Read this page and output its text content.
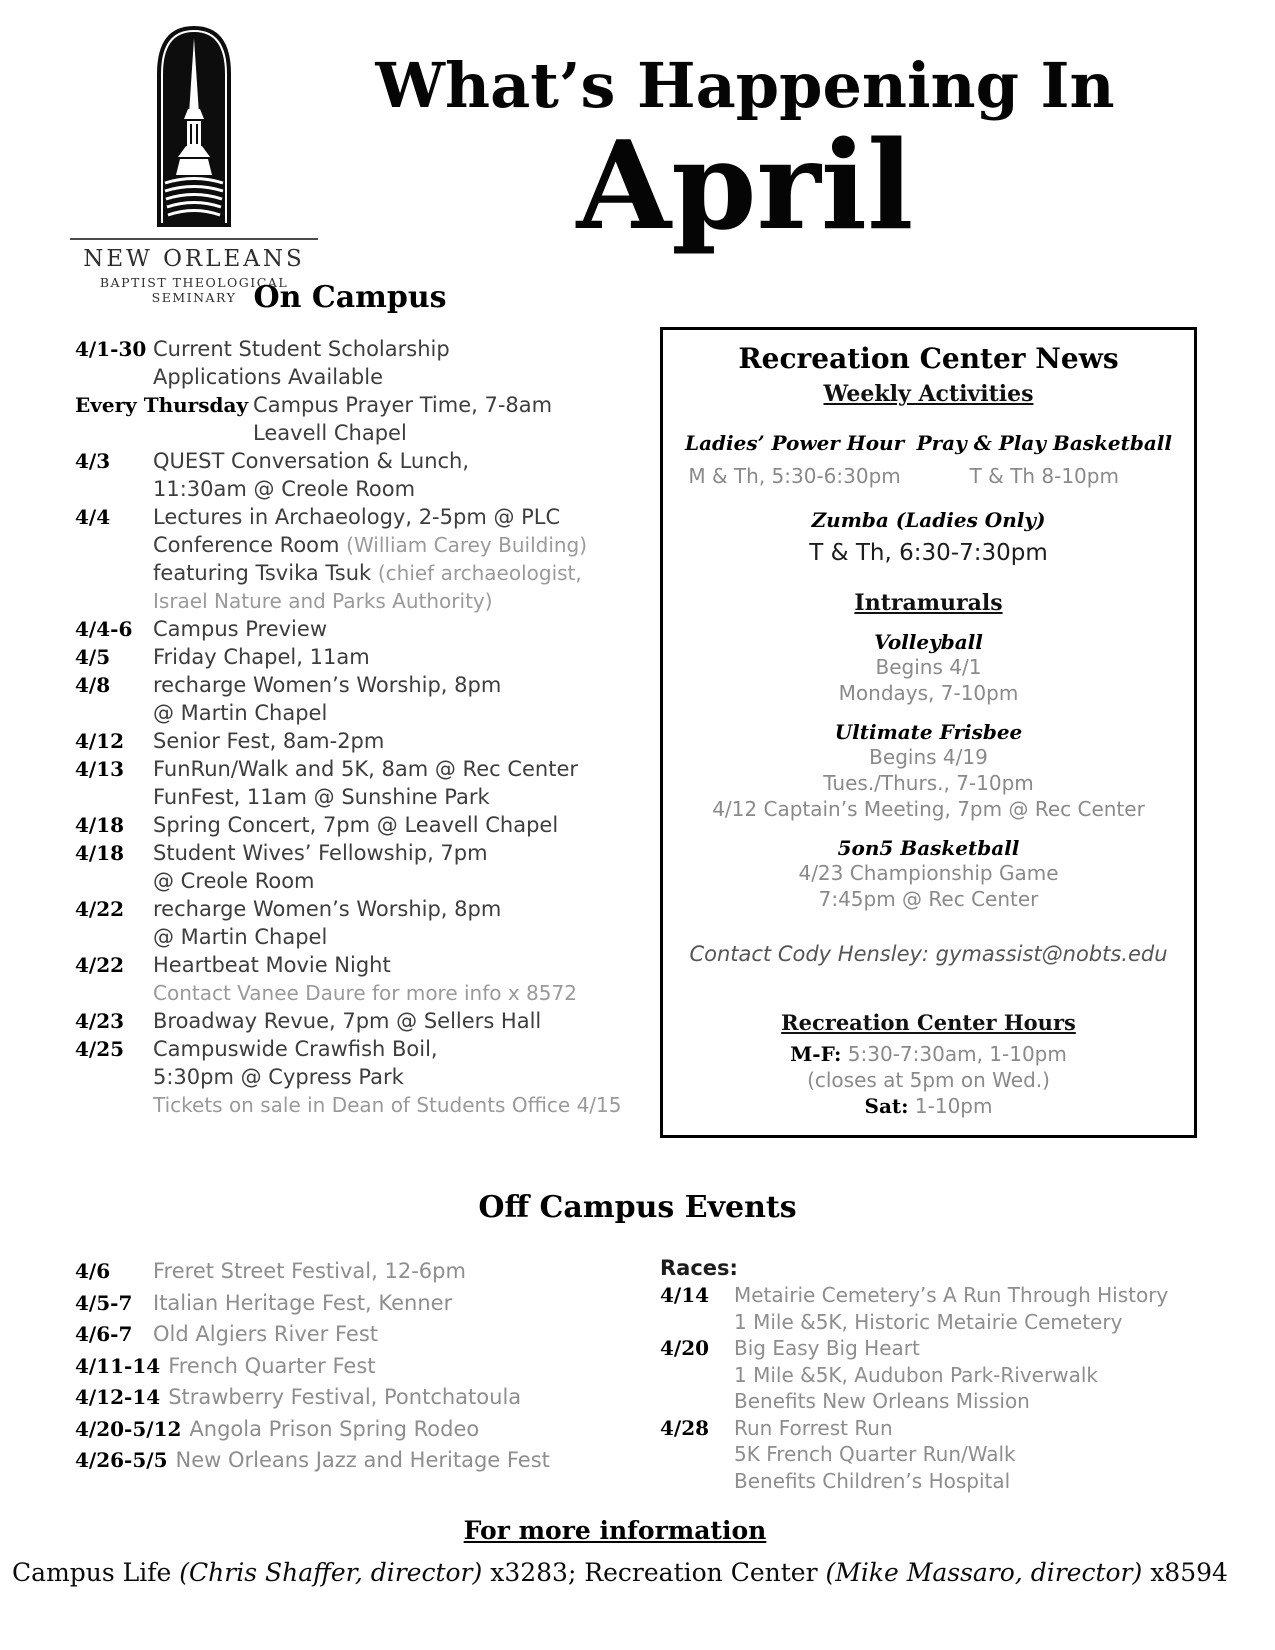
NEW ORLEANS
BAPTIST THEOLOGICAL SEMINARY
What’s Happening In
April
On Campus
4/1-30 Current Student Scholarship
Applications Available
Every Thursday Campus Prayer Time, 7-8am
Leavell Chapel
4/3	QUEST Conversation & Lunch,
11:30am @ Creole Room
4/4	Lectures in Archaeology, 2-5pm @ PLC
Conference Room (William Carey Building)
featuring Tsvika Tsuk (chief archaeologist,
Israel Nature and Parks Authority)
4/4-6 Campus Preview
4/5	Friday Chapel, 11am
4/8	recharge Women’s Worship, 8pm
@ Martin Chapel
4/12	Senior Fest, 8am-2pm
4/13	FunRun/Walk and 5K, 8am @ Rec Center
FunFest, 11am @ Sunshine Park
4/18	Spring Concert, 7pm @ Leavell Chapel
4/18	Student Wives’ Fellowship, 7pm
@ Creole Room
4/22	recharge Women’s Worship, 8pm
@ Martin Chapel
4/22	Heartbeat Movie Night
Contact Vanee Daure for more info x 8572
4/23	Broadway Revue, 7pm @ Sellers Hall
4/25	Campuswide Crawfish Boil,
5:30pm @ Cypress Park
Tickets on sale in Dean of Students Office 4/15
Recreation Center News
Weekly Activities
Ladies’ Power Hour
M & Th, 5:30-6:30pm
Pray & Play Basketball
T & Th 8-10pm
Zumba (Ladies Only)
T & Th, 6:30-7:30pm
Intramurals
Volleyball
Begins 4/1
Mondays, 7-10pm
Ultimate Frisbee
Begins 4/19
Tues./Thurs., 7-10pm
4/12 Captain’s Meeting, 7pm @ Rec Center
5on5 Basketball
4/23 Championship Game
7:45pm @ Rec Center
Contact Cody Hensley: gymassist@nobts.edu
Recreation Center Hours
M-F: 5:30-7:30am, 1-10pm
(closes at 5pm on Wed.)
Sat: 1-10pm
Off Campus Events
4/6	Freret Street Festival, 12-6pm
4/5-7 Italian Heritage Fest, Kenner
4/6-7 Old Algiers River Fest
4/11-14 French Quarter Fest
4/12-14 Strawberry Festival, Pontchatoula
4/20-5/12 Angola Prison Spring Rodeo
4/26-5/5 New Orleans Jazz and Heritage Fest
Races:
4/14	Metairie Cemetery’s A Run Through History
1 Mile &5K, Historic Metairie Cemetery
4/20	Big Easy Big Heart
1 Mile &5K, Audubon Park-Riverwalk
Benefits New Orleans Mission
4/28	Run Forrest Run
5K French Quarter Run/Walk
Benefits Children’s Hospital
For more information
Campus Life (Chris Shaffer, director) x3283; Recreation Center (Mike Massaro, director) x8594
